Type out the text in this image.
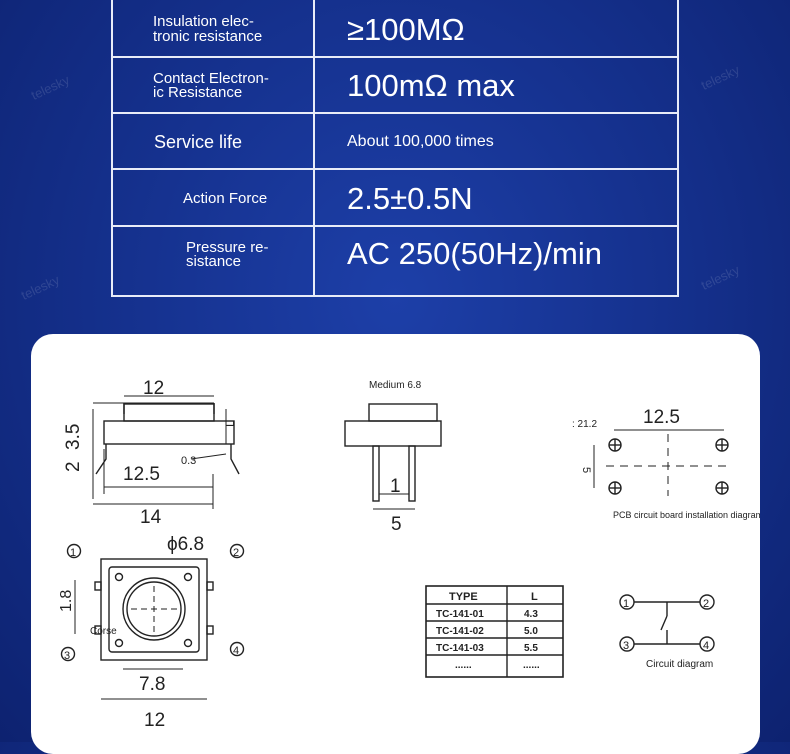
telesky	telesky
telesky	telesky
Insulation elec-
tronic resistance	≥100MΩ
Contact Electron-
ic Resistance	100mΩ max
Service life	About 100,000 times
Action Force	2.5±0.5N
Pressure re-
sistance	AC 250(50Hz)/min
12
12.5
14
0.3
L
3.5
2
Medium 6.8
1
5
: 21.2 12.5
5
PCB circuit board installation diagram
ϕ6.8
1.8
Corse
7.8
12
1	2
3	4
TYPE	L
TC-141-01	4.3
TC-141-02	5.0
TC-141-03	5.5
......	......
1	2
3	4
Circuit diagram
